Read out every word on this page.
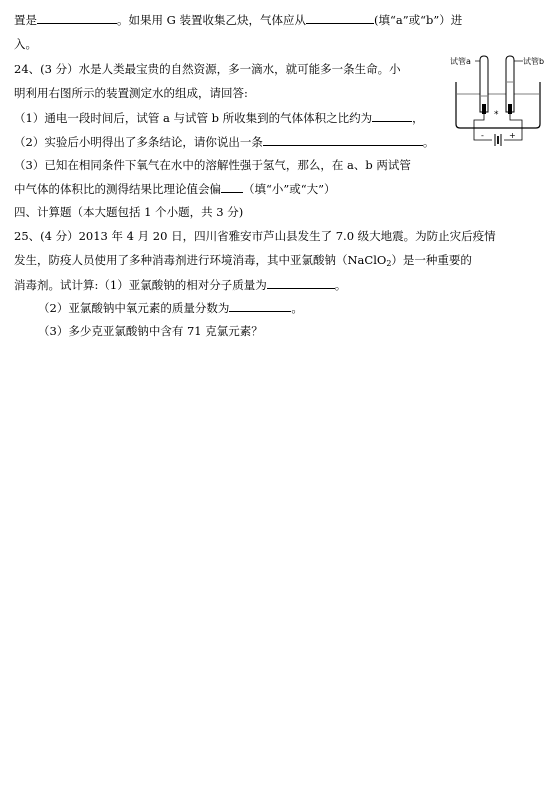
置是	。如果用 G 装置收集乙炔，气体应从	(填“a”或“b”）进
入。
24、(3 分）水是人类最宝贵的自然资源，多一滴水，就可能多一条生命。小
明利用右图所示的装置测定水的组成，请回答:
（1）通电一段时间后，试管 a 与试管 b 所收集到的气体体积之比约为	，
（2）实验后小明得出了多条结论，请你说出一条	。
（3）已知在相同条件下氧气在水中的溶解性强于氢气，那么，在 a、b 两试管
中气体的体积比的测得结果比理论值会偏 （填“小”或“大”）
四、计算题（本大题包括 1 个小题，共 3 分)
25、(4 分）2013 年 4 月 20 日，四川省雅安市芦山县发生了 7.0 级大地震。为防止灾后疫情
发生，防疫人员使用了多种消毒剂进行环境消毒，其中亚氯酸钠（NaClO$_2$）是一种重要的
消毒剂。试计算:（1）亚氯酸钠的相对分子质量为	。
（2）亚氯酸钠中氧元素的质量分数为	。
（3）多少克亚氯酸钠中含有 71 克氯元素？
试管a	试管b
*
-	+
